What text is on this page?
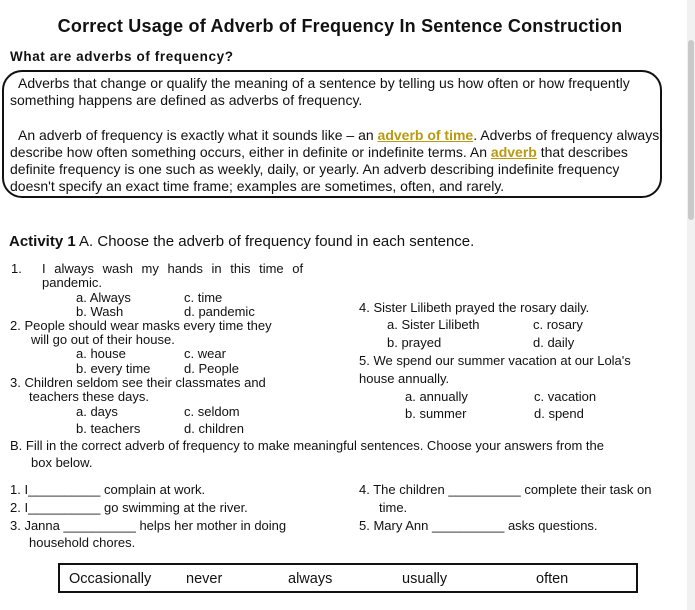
Correct Usage of Adverb of Frequency In Sentence Construction
What are adverbs of frequency?
Adverbs that change or qualify the meaning of a sentence by telling us how often or how frequently something happens are defined as adverbs of frequency.
An adverb of frequency is exactly what it sounds like – an adverb of time. Adverbs of frequency always describe how often something occurs, either in definite or indefinite terms. An adverb that describes definite frequency is one such as weekly, daily, or yearly. An adverb describing indefinite frequency doesn't specify an exact time frame; examples are sometimes, often, and rarely.
Activity 1 A. Choose the adverb of frequency found in each sentence.
1. I always wash my hands in this time of
pandemic.
a. Always
b. Wash
c. time
d. pandemic
2. People should wear masks every time they
will go out of their house.
a. house
b. every time
c. wear
d. People
3. Children seldom see their classmates and
teachers these days.
a. days
b. teachers
c. seldom
d. children
4. Sister Lilibeth prayed the rosary daily.
a. Sister Lilibeth
b. prayed
c. rosary
d. daily
5. We spend our summer vacation at our Lola's
house annually.
a. annually
b. summer
c. vacation
d. spend
B. Fill in the correct adverb of frequency to make meaningful sentences. Choose your answers from the
box below.
1. I__________ complain at work.
2. I__________ go swimming at the river.
3. Janna __________ helps her mother in doing
household chores.
4. The children __________ complete their task on
time.
5. Mary Ann __________ asks questions.
Occasionally never	always	usually	often
